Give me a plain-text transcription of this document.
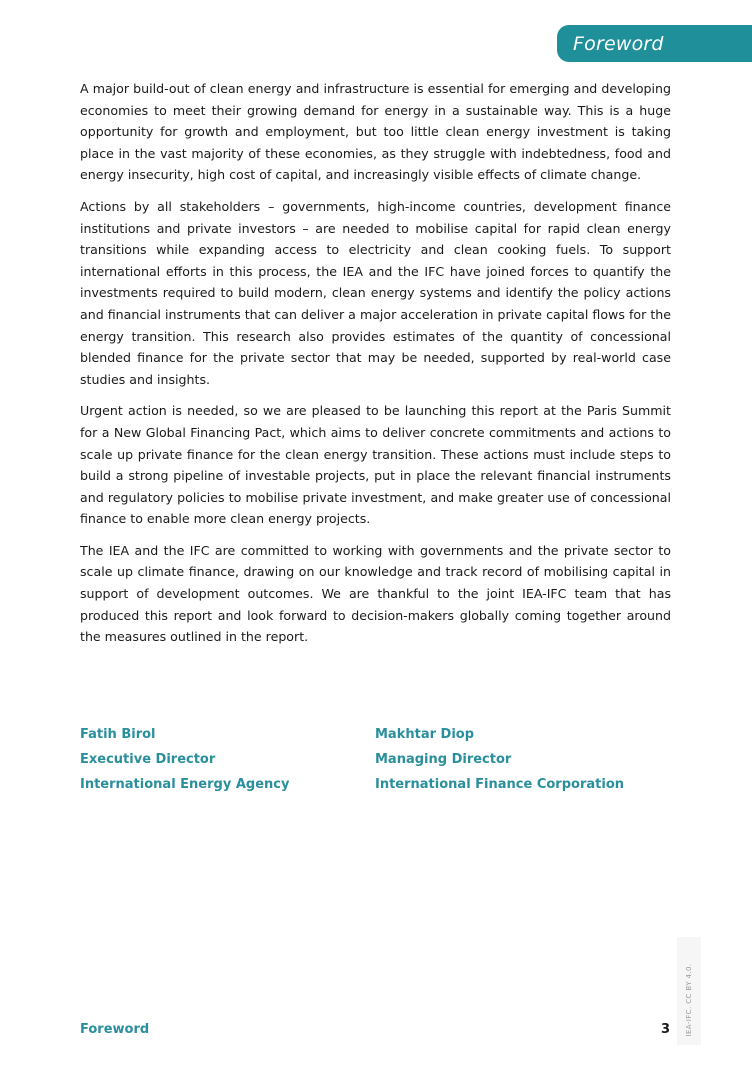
Foreword

A major build-out of clean energy and infrastructure is essential for emerging and developing economies to meet their growing demand for energy in a sustainable way. This is a huge opportunity for growth and employment, but too little clean energy investment is taking place in the vast majority of these economies, as they struggle with indebtedness, food and energy insecurity, high cost of capital, and increasingly visible effects of climate change.

Actions by all stakeholders – governments, high-income countries, development finance institutions and private investors – are needed to mobilise capital for rapid clean energy transitions while expanding access to electricity and clean cooking fuels. To support international efforts in this process, the IEA and the IFC have joined forces to quantify the investments required to build modern, clean energy systems and identify the policy actions and financial instruments that can deliver a major acceleration in private capital flows for the energy transition. This research also provides estimates of the quantity of concessional blended finance for the private sector that may be needed, supported by real-world case studies and insights.

Urgent action is needed, so we are pleased to be launching this report at the Paris Summit for a New Global Financing Pact, which aims to deliver concrete commitments and actions to scale up private finance for the clean energy transition. These actions must include steps to build a strong pipeline of investable projects, put in place the relevant financial instruments and regulatory policies to mobilise private investment, and make greater use of concessional finance to enable more clean energy projects.

The IEA and the IFC are committed to working with governments and the private sector to scale up climate finance, drawing on our knowledge and track record of mobilising capital in support of development outcomes. We are thankful to the joint IEA-IFC team that has produced this report and look forward to decision-makers globally coming together around the measures outlined in the report.

Fatih Birol
Executive Director
International Energy Agency
Makhtar Diop
Managing Director
International Finance Corporation
IEA-IFC. CC BY 4.0.
Foreword	3
